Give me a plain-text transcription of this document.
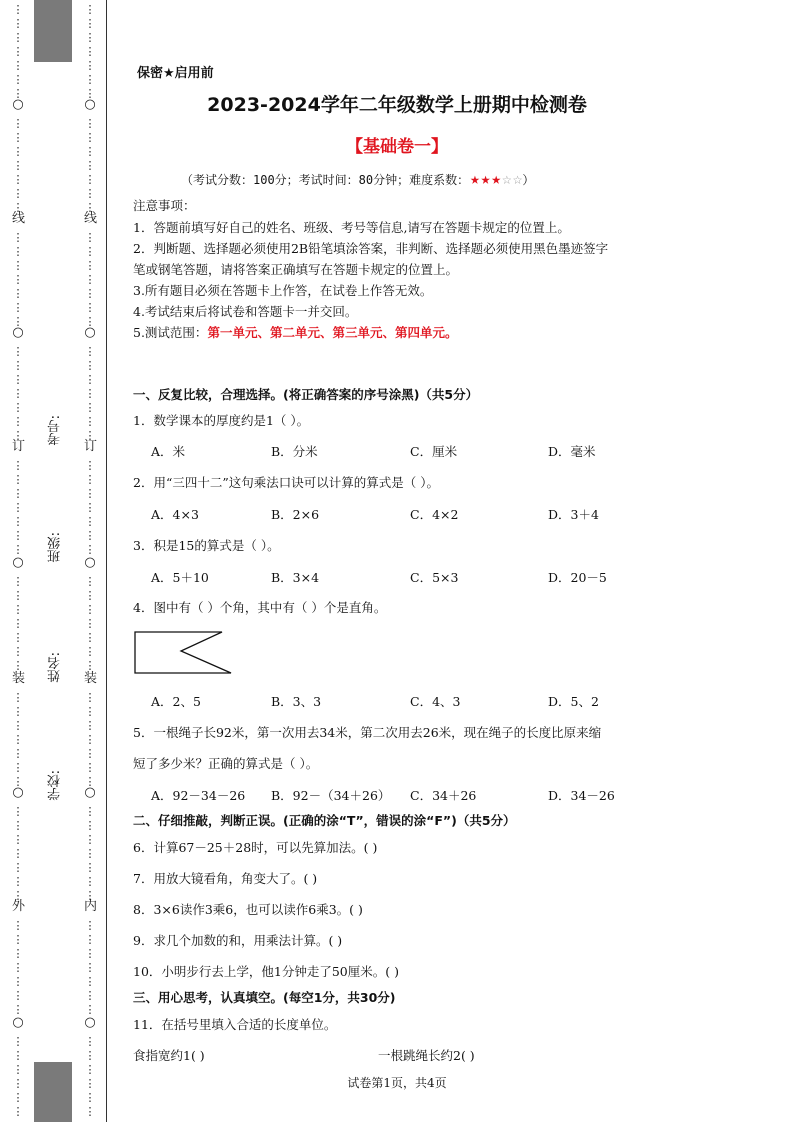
⋮
⋮
⋮
⋮
⋮
⋮
⋮
○
⋮
⋮
⋮
⋮
⋮
⋮
⋮
线
⋮
⋮
⋮
⋮
⋮
⋮
⋮
○
⋮
⋮
⋮
⋮
⋮
⋮
⋮
订
⋮
⋮
⋮
⋮
⋮
⋮
⋮
○
⋮
⋮
⋮
⋮
⋮
⋮
⋮
装
⋮
⋮
⋮
⋮
⋮
⋮
⋮
○
⋮
⋮
⋮
⋮
⋮
⋮
⋮
外
⋮
⋮
⋮
⋮
⋮
⋮
⋮
○
⋮
⋮
⋮
⋮
⋮
⋮
⋮
⋮
⋮
⋮
⋮
⋮
⋮
○
⋮
⋮
⋮
⋮
⋮
⋮
⋮
线
⋮
⋮
⋮
⋮
⋮
⋮
⋮
○
⋮
⋮
⋮
⋮
⋮
⋮
⋮
订
⋮
⋮
⋮
⋮
⋮
⋮
⋮
○
⋮
⋮
⋮
⋮
⋮
⋮
⋮
装
⋮
⋮
⋮
⋮
⋮
⋮
⋮
○
⋮
⋮
⋮
⋮
⋮
⋮
⋮
内
⋮
⋮
⋮
⋮
⋮
⋮
⋮
○
⋮
⋮
⋮
⋮
⋮
⋮
考号:
班级:
姓名:
学校:
保密★启用前
2023-2024学年二年级数学上册期中检测卷
【基础卷一】
（考试分数：100分；考试时间：80分钟；难度系数： ★★★☆☆ ）
注意事项：
1．答题前填写好自己的姓名、班级、考号等信息,请写在答题卡规定的位置上。
2．判断题、选择题必须使用2B铅笔填涂答案，非判断、选择题必须使用黑色墨迹签字
笔或钢笔答题，请将答案正确填写在答题卡规定的位置上。
3.所有题目必须在答题卡上作答，在试卷上作答无效。
4.考试结束后将试卷和答题卡一并交回。
5.测试范围：第一单元、第二单元、第三单元、第四单元。
一、反复比较，合理选择。(将正确答案的序号涂黑)（共5分）
1．数学课本的厚度约是1（ ）。
A．米	B．分米	C．厘米	D．毫米
2．用“三四十二”这句乘法口诀可以计算的算式是（ ）。
A．4×3	B．2×6	C．4×2	D．3＋4
3．积是15的算式是（ ）。
A．5＋10	B．3×4	C．5×3	D．20－5
4．图中有（ ）个角，其中有（ ）个是直角。
A．2、5	B．3、3	C．4、3	D．5、2
5．一根绳子长92米，第一次用去34米，第二次用去26米，现在绳子的长度比原来缩
短了多少米？正确的算式是（ ）。
A．92－34－26 B．92－（34＋26） C．34＋26	D．34－26
二、仔细推敲，判断正误。(正确的涂“T”，错误的涂“F”)（共5分）
6．计算67－25＋28时，可以先算加法。( )
7．用放大镜看角，角变大了。( )
8．3×6读作3乘6，也可以读作6乘3。( )
9．求几个加数的和，用乘法计算。( )
10．小明步行去上学，他1分钟走了50厘米。( )
三、用心思考，认真填空。(每空1分，共30分)
11．在括号里填入合适的长度单位。
食指宽约1( )	一根跳绳长约2( )
试卷第1页，共4页
